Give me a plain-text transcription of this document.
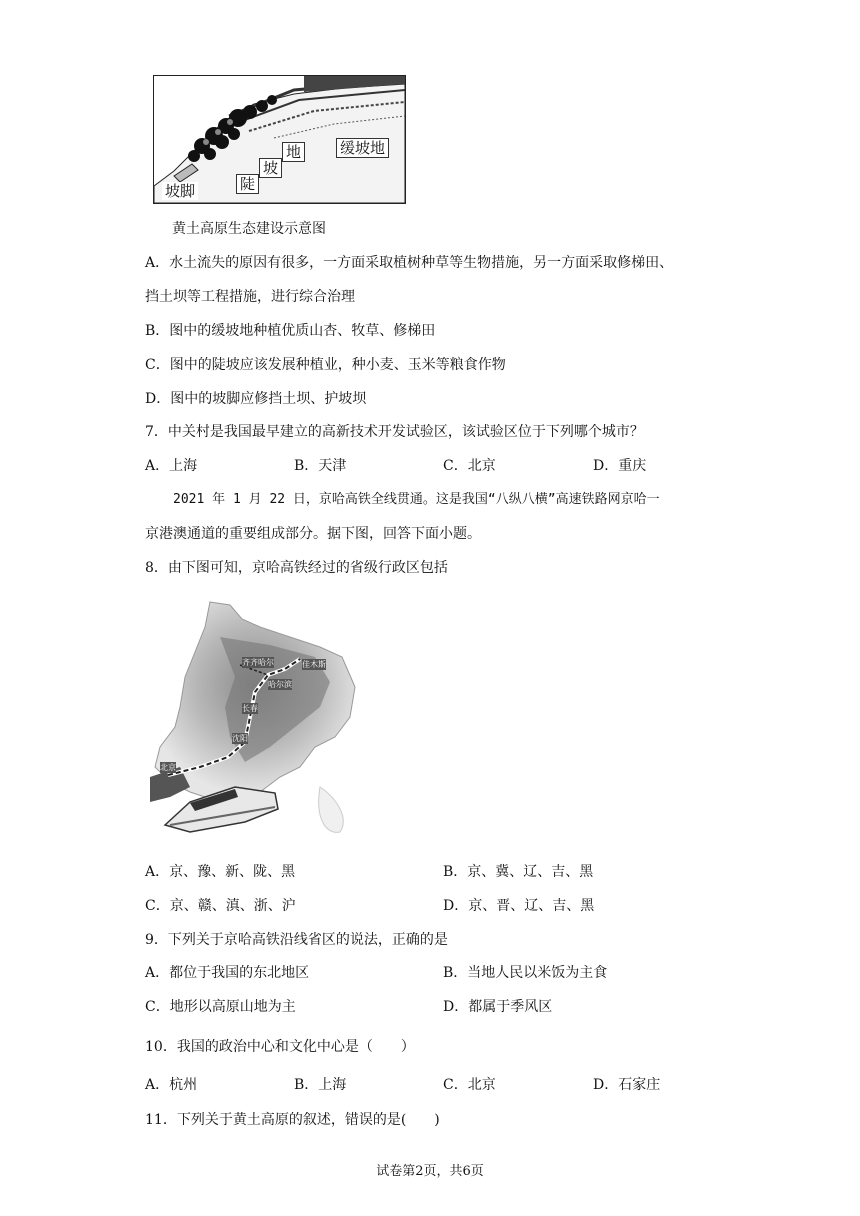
坡脚	陡
坡
地	缓坡地
黄土高原生态建设示意图
A．水土流失的原因有很多，一方面采取植树种草等生物措施，另一方面采取修梯田、
挡土坝等工程措施，进行综合治理
B．图中的缓坡地种植优质山杏、牧草、修梯田
C．图中的陡坡应该发展种植业，种小麦、玉米等粮食作物
D．图中的坡脚应修挡土坝、护坡坝
7．中关村是我国最早建立的高新技术开发试验区，该试验区位于下列哪个城市？
A．上海	B．天津	C．北京	D．重庆
2021 年 1 月 22 日，京哈高铁全线贯通。这是我国“八纵八横”高速铁路网京哈一
京港澳通道的重要组成部分。据下图，回答下面小题。
8．由下图可知，京哈高铁经过的省级行政区包括
齐齐哈尔	佳木斯
哈尔滨
长春
沈阳
北京
A．京、豫、新、陇、黑	B．京、冀、辽、吉、黑
C．京、赣、滇、浙、沪	D．京、晋、辽、吉、黑
9．下列关于京哈高铁沿线省区的说法，正确的是
A．都位于我国的东北地区	B．当地人民以米饭为主食
C．地形以高原山地为主	D．都属于季风区
10．我国的政治中心和文化中心是（　　）
A．杭州	B．上海	C．北京	D．石家庄
11．下列关于黄土高原的叙述，错误的是(　　)
试卷第2页，共6页
